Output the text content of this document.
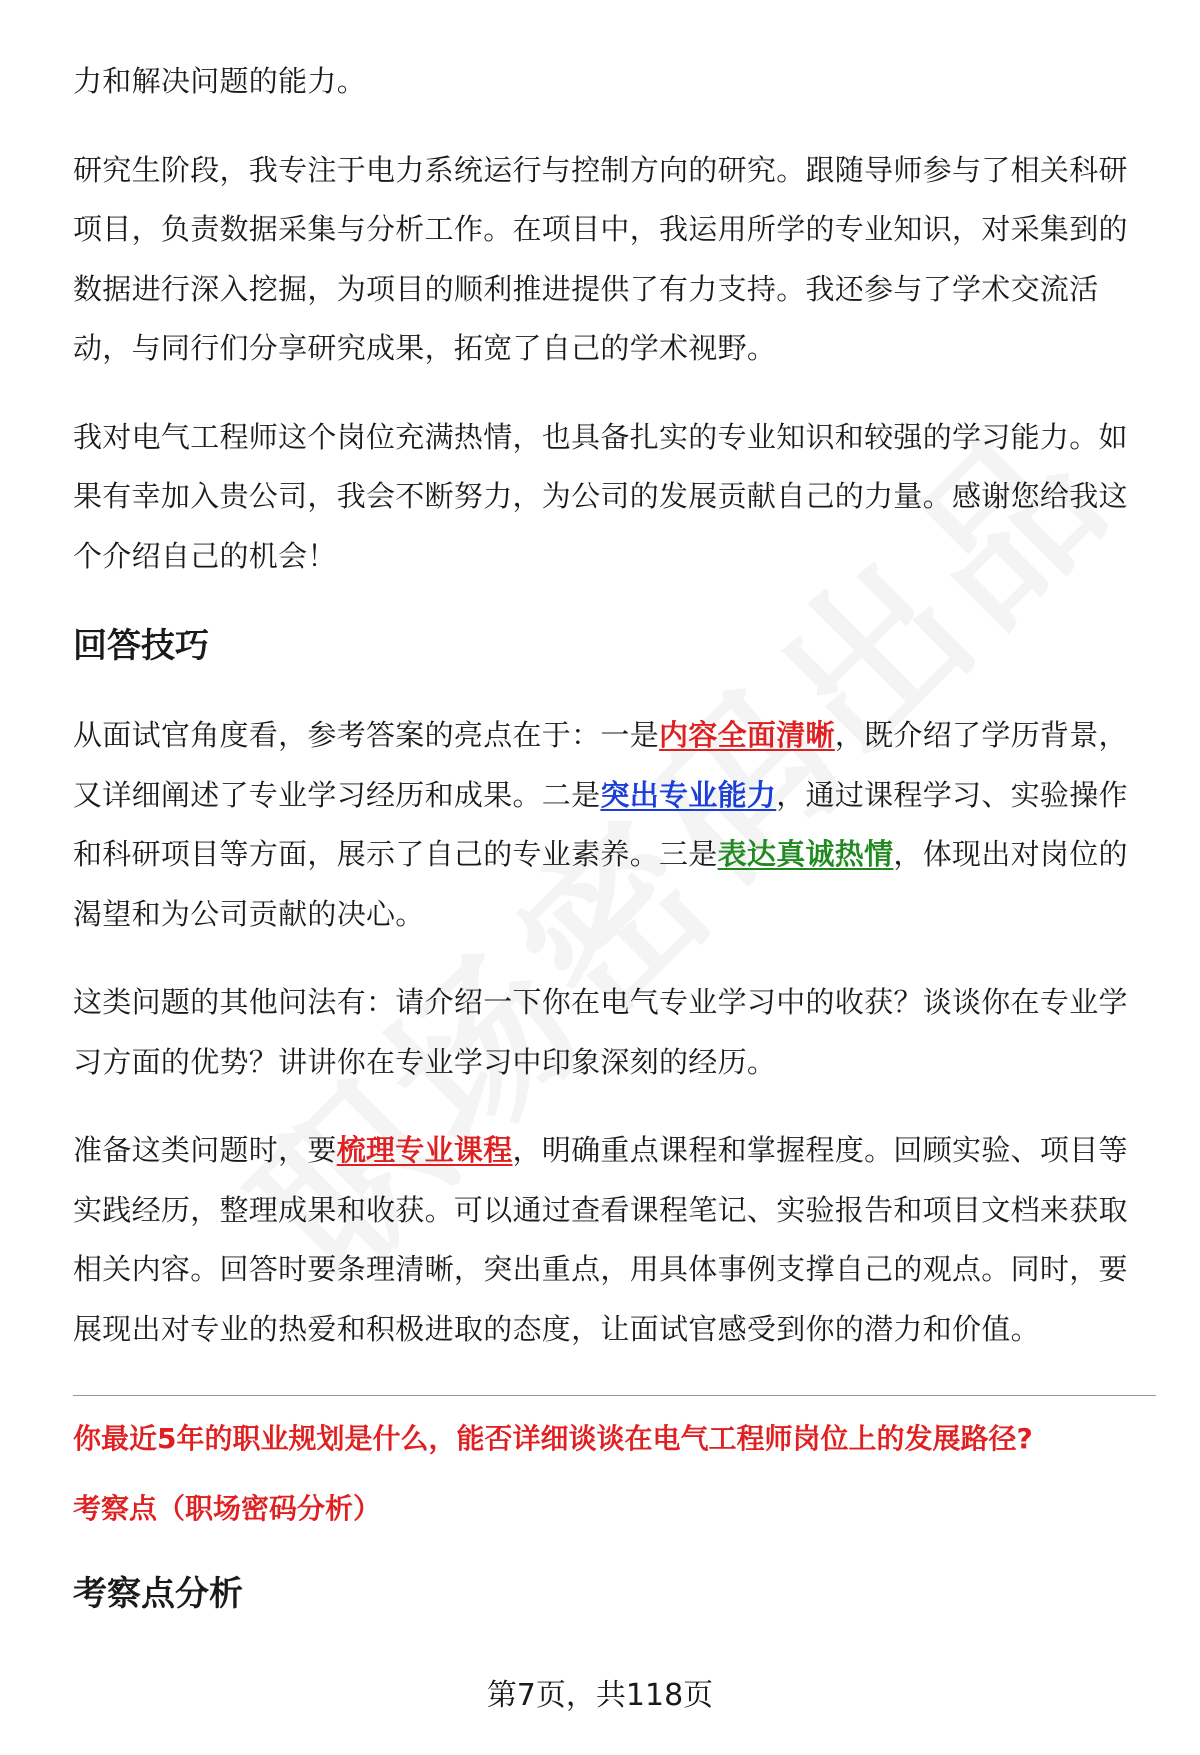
力和解决问题的能力。

研究生阶段，我专注于电力系统运行与控制方向的研究。跟随导师参与了相关科研项目，负责数据采集与分析工作。在项目中，我运用所学的专业知识，对采集到的数据进行深入挖掘，为项目的顺利推进提供了有力支持。我还参与了学术交流活动，与同行们分享研究成果，拓宽了自己的学术视野。

我对电气工程师这个岗位充满热情，也具备扎实的专业知识和较强的学习能力。如果有幸加入贵公司，我会不断努力，为公司的发展贡献自己的力量。感谢您给我这个介绍自己的机会！

回答技巧

从面试官角度看，参考答案的亮点在于：一是内容全面清晰，既介绍了学历背景，又详细阐述了专业学习经历和成果。二是突出专业能力，通过课程学习、实验操作和科研项目等方面，展示了自己的专业素养。三是表达真诚热情，体现出对岗位的渴望和为公司贡献的决心。

这类问题的其他问法有：请介绍一下你在电气专业学习中的收获？谈谈你在专业学习方面的优势？讲讲你在专业学习中印象深刻的经历。

准备这类问题时，要梳理专业课程，明确重点课程和掌握程度。回顾实验、项目等实践经历，整理成果和收获。可以通过查看课程笔记、实验报告和项目文档来获取相关内容。回答时要条理清晰，突出重点，用具体事例支撑自己的观点。同时，要展现出对专业的热爱和积极进取的态度，让面试官感受到你的潜力和价值。

你最近5年的职业规划是什么，能否详细谈谈在电气工程师岗位上的发展路径?

考察点（职场密码分析）

考察点分析
第7页，共118页
